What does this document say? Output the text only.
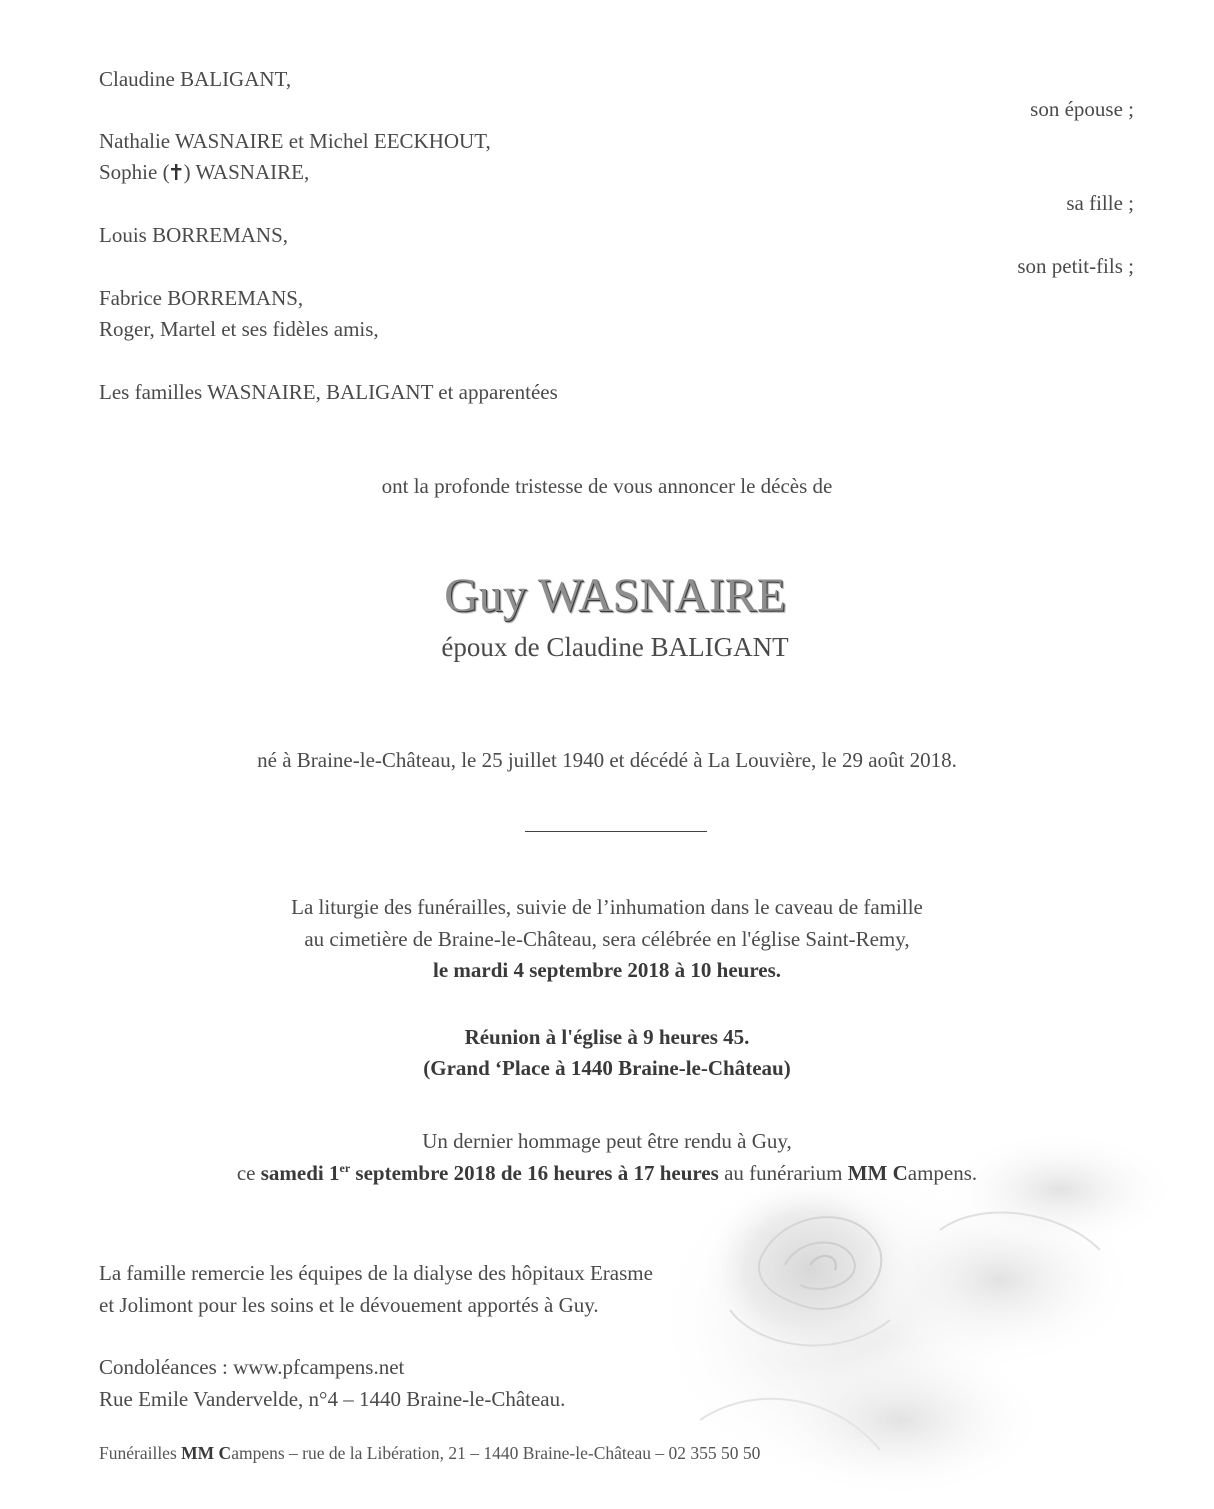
Claudine BALIGANT,
son épouse ;
Nathalie WASNAIRE et Michel EECKHOUT,
Sophie ( ) WASNAIRE,
sa fille ;
Louis BORREMANS,
son petit-fils ;
Fabrice BORREMANS,
Roger, Martel et ses fidèles amis,
Les familles WASNAIRE, BALIGANT et apparentées
ont la profonde tristesse de vous annoncer le décès de
Guy WASNAIRE
époux de Claudine BALIGANT
né à Braine-le-Château, le 25 juillet 1940 et décédé à La Louvière, le 29 août 2018.
La liturgie des funérailles, suivie de l’inhumation dans le caveau de famille
au cimetière de Braine-le-Château, sera célébrée en l'église Saint-Remy,
le mardi 4 septembre 2018 à 10 heures.
Réunion à l'église à 9 heures 45.
(Grand ‘Place à 1440 Braine-le-Château)
Un dernier hommage peut être rendu à Guy,
ce samedi 1er septembre 2018 de 16 heures à 17 heures au funérarium MM Campens.
La famille remercie les équipes de la dialyse des hôpitaux Erasme
et Jolimont pour les soins et le dévouement apportés à Guy.
Condoléances : www.pfcampens.net
Rue Emile Vandervelde, n°4 – 1440 Braine-le-Château.
Funérailles MM Campens – rue de la Libération, 21 – 1440 Braine-le-Château – 02 355 50 50
